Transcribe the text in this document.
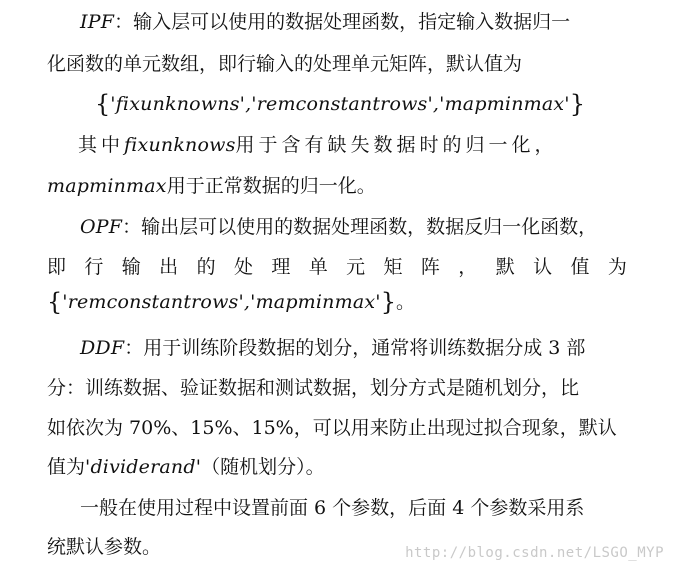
IPF：输入层可以使用的数据处理函数，指定输入数据归一
化函数的单元数组，即行输入的处理单元矩阵，默认值为
{'fixunknowns','remconstantrows','mapminmax'}
其中fixunknows用于含有缺失数据时的归一化，
mapminmax用于正常数据的归一化。
OPF：输出层可以使用的数据处理函数，数据反归一化函数，
即 行 输 出 的 处 理 单 元 矩 阵 ， 默 认 值 为
{'remconstantrows','mapminmax'}。
DDF：用于训练阶段数据的划分，通常将训练数据分成 3 部
分：训练数据、验证数据和测试数据，划分方式是随机划分，比
如依次为 70%、15%、15%，可以用来防止出现过拟合现象，默认
值为'dividerand'（随机划分）。
一般在使用过程中设置前面 6 个参数，后面 4 个参数采用系
统默认参数。	http://blog.csdn.net/LSGO_MYP
